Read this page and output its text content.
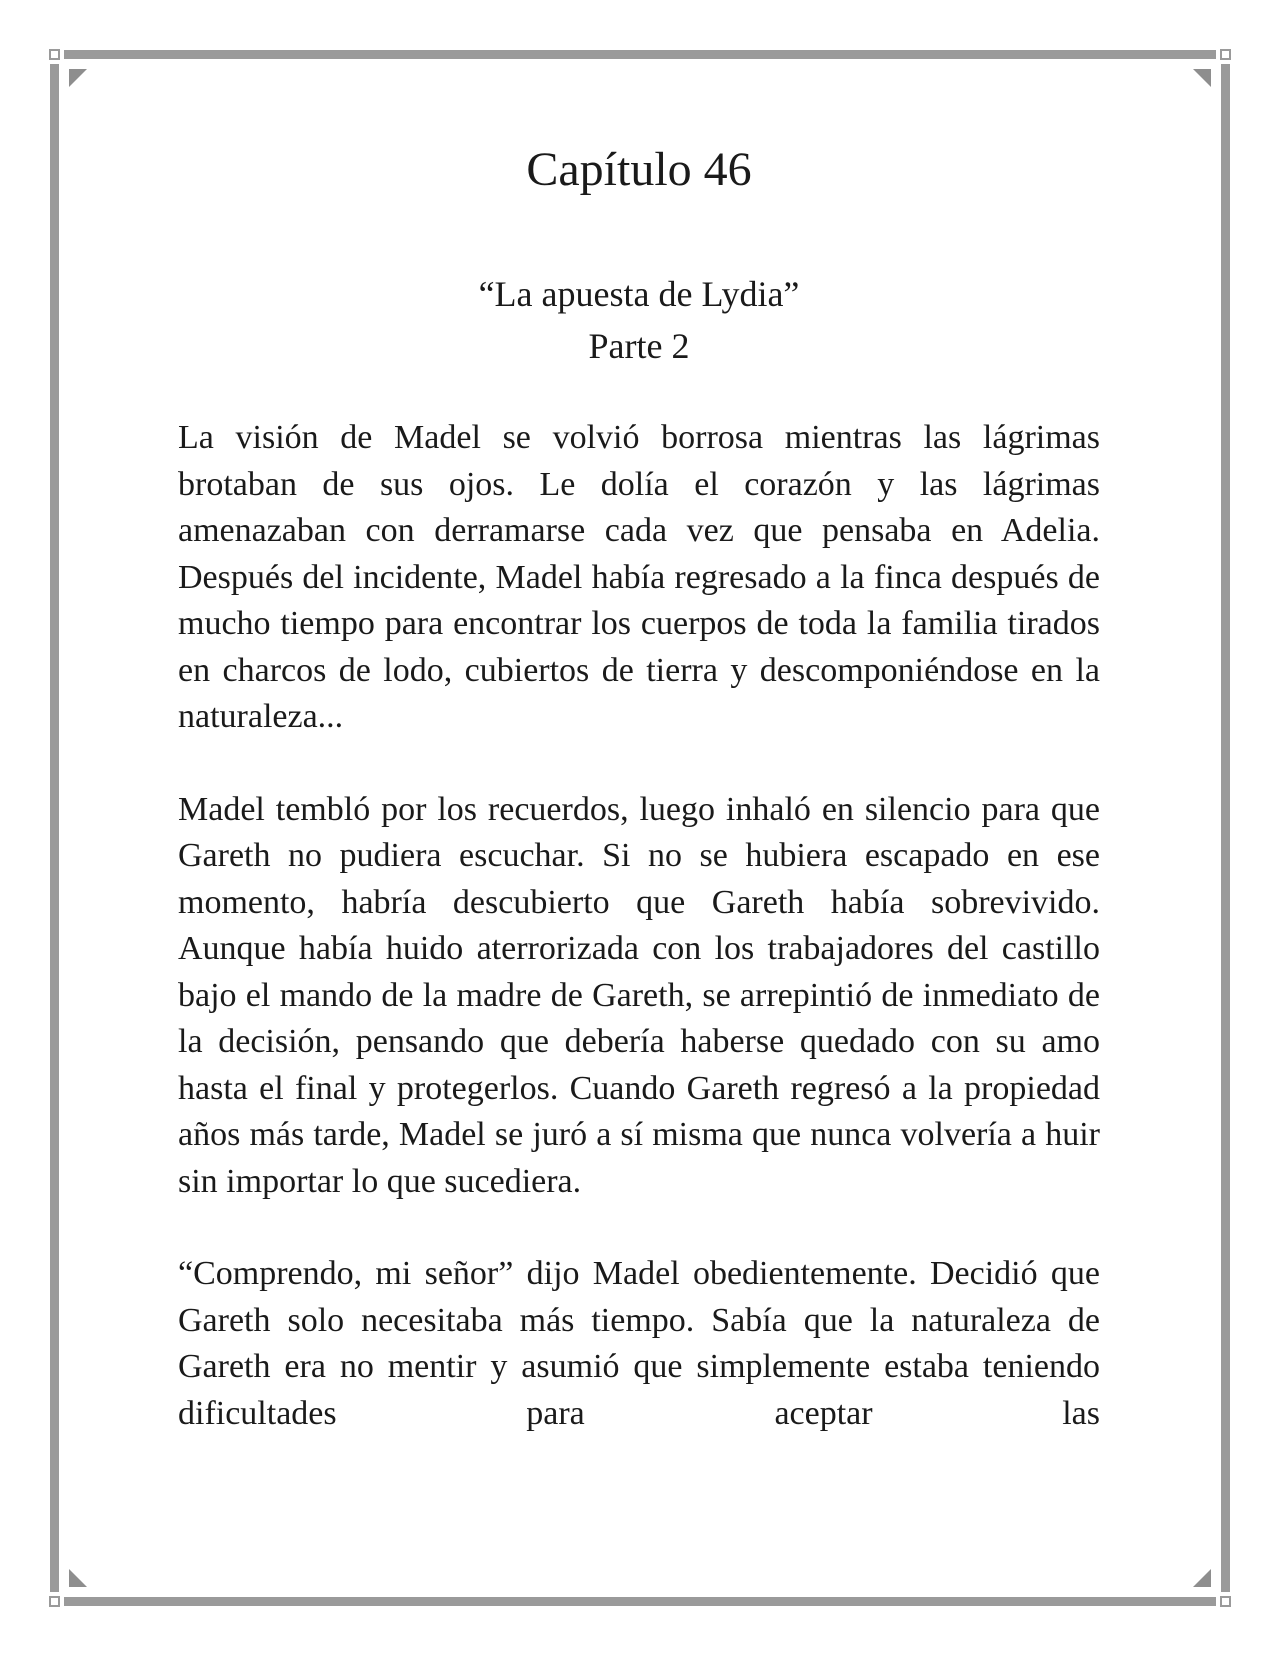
Capítulo 46
“La apuesta de Lydia”
Parte 2

La visión de Madel se volvió borrosa mientras las lágrimas brotaban de sus ojos. Le dolía el corazón y las lágrimas amenazaban con derramarse cada vez que pensaba en Adelia. Después del incidente, Madel había regresado a la finca después de mucho tiempo para encontrar los cuerpos de toda la familia tirados en charcos de lodo, cubiertos de tierra y descomponiéndose en la naturaleza...

Madel tembló por los recuerdos, luego inhaló en silencio para que Gareth no pudiera escuchar. Si no se hubiera escapado en ese momento, habría descubierto que Gareth había sobrevivido. Aunque había huido aterrorizada con los trabajadores del castillo bajo el mando de la madre de Gareth, se arrepintió de inmediato de la decisión, pensando que debería haberse quedado con su amo hasta el final y protegerlos. Cuando Gareth regresó a la propiedad años más tarde, Madel se juró a sí misma que nunca volvería a huir sin importar lo que sucediera.

“Comprendo, mi señor” dijo Madel obedientemente. Decidió que Gareth solo necesitaba más tiempo. Sabía que la naturaleza de Gareth era no mentir y asumió que simplemente estaba teniendo dificultades para aceptar las
